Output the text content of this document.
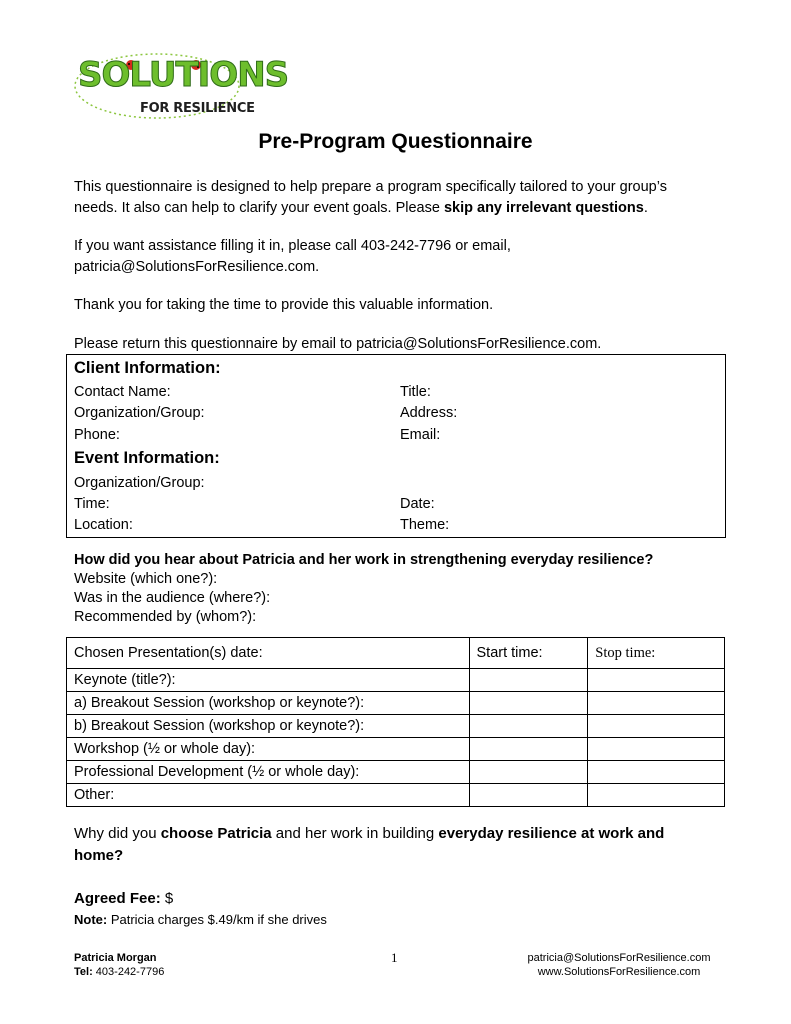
SOLUTIONS
FOR RESILIENCE
Pre-Program Questionnaire
This questionnaire is designed to help prepare a program specifically tailored to your group’s
needs. It also can help to clarify your event goals. Please skip any irrelevant questions.
If you want assistance filling it in, please call 403-242-7796 or email,
patricia@SolutionsForResilience.com.
Thank you for taking the time to provide this valuable information.
Please return this questionnaire by email to patricia@SolutionsForResilience.com.
Client Information:
Contact Name:	Title:
Organization/Group:	Address:
Phone:	Email:
Event Information:
Organization/Group:
Time:	Date:
Location:	Theme:
How did you hear about Patricia and her work in strengthening everyday resilience?
Website (which one?):
Was in the audience (where?):
Recommended by (whom?):
Chosen Presentation(s) date:	Start time:	Stop time:
Keynote (title?):		
a) Breakout Session (workshop or keynote?):		
b) Breakout Session (workshop or keynote?):		
Workshop (½ or whole day):		
Professional Development (½ or whole day):		
Other:		
Why did you choose Patricia and her work in building everyday resilience at work and
home?
Agreed Fee: $
Note: Patricia charges $.49/km if she drives
Patricia Morgan
Tel: 403-242-7796
1	patricia@SolutionsForResilience.com
www.SolutionsForResilience.com
